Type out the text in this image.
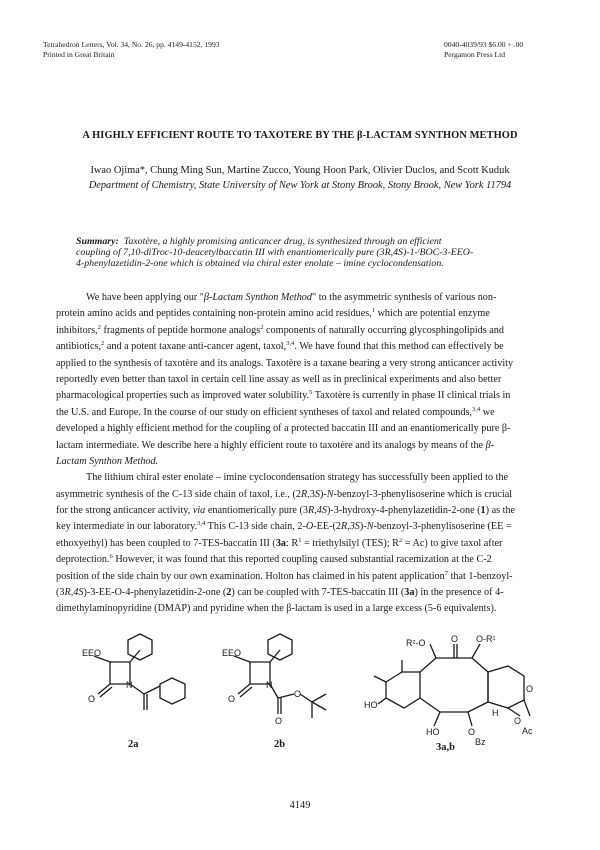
Tetrahedron Letters, Vol. 34, No. 26, pp. 4149-4152, 1993
Printed in Great Britain
0040-4039/93 $6.00 + .00
Pergamon Press Ltd
A HIGHLY EFFICIENT ROUTE TO TAXOTERE BY THE β-LACTAM SYNTHON METHOD
Iwao Ojima*, Chung Ming Sun, Martine Zucco, Young Hoon Park, Olivier Duclos, and Scott Kuduk
Department of Chemistry, State University of New York at Stony Brook, Stony Brook, New York 11794
Summary: Taxotère, a highly promising anticancer drug, is synthesized through an efficient
coupling of 7,10-diTroc-10-deacetylbaccatin III with enantiomerically pure (3R,4S)-1-ᵗBOC-3-EEO-
4-phenylazetidin-2-one which is obtained via chiral ester enolate – imine cyclocondensation.
We have been applying our "β-Lactam Synthon Method" to the asymmetric synthesis of various non-
protein amino acids and peptides containing non-protein amino acid residues,$^1$ which are potential enzyme
inhibitors,$^2$ fragments of peptide hormone analogs$^2$ components of naturally occurring glycosphingolipids and
antibiotics,$^2$ and a potent taxane anti-cancer agent, taxol,$^{3,4}$. We have found that this method can effectively be
applied to the synthesis of taxotère and its analogs. Taxotère is a taxane bearing a very strong anticancer activity
reportedly even better than taxol in certain cell line assay as well as in preclinical experiments and also better
pharmacological properties such as improved water solubility.$^5$ Taxotère is currently in phase II clinical trials in
the U.S. and Europe. In the course of our study on efficient syntheses of taxol and related compounds,$^{3,4}$ we
developed a highly efficient method for the coupling of a protected baccatin III and an enantiomerically pure β-
lactam intermediate. We describe here a highly efficient route to taxotère and its analogs by means of the β-
Lactam Synthon Method.
The lithium chiral ester enolate – imine cyclocondensation strategy has successfully been applied to the
asymmetric synthesis of the C-13 side chain of taxol, i.e., (2R,3S)-N-benzoyl-3-phenylisoserine which is crucial
for the strong anticancer activity, via enantiomerically pure (3R,4S)-3-hydroxy-4-phenylazetidin-2-one (1) as the
key intermediate in our laboratory.$^{3,4}$ This C-13 side chain, 2-O-EE-(2R,3S)-N-benzoyl-3-phenylisoserine (EE =
ethoxyethyl) has been coupled to 7-TES-baccatin III (3a: $R^1$ = triethylsilyl (TES); $R^2 = Ac$) to give taxol after
deprotection.$^6$ However, it was found that this reported coupling caused substantial racemization at the C-2
position of the side chain by our own examination. Holton has claimed in his patent application$^7$ that 1-benzoyl-
(3R,4S)-3-EE-O-4-phenylazetidin-2-one (2) can be coupled with 7-TES-baccatin III (3a) in the presence of 4-
dimethylaminopyridine (DMAP) and pyridine when the β-lactam is used in a large excess (5-6 equivalents).
EEO
O
N
2a
EEO
O
N
O
O
2b
R²-O	O O-R¹
HO
HO	O
Bz
O
Ac
H
O
3a,b
4149
